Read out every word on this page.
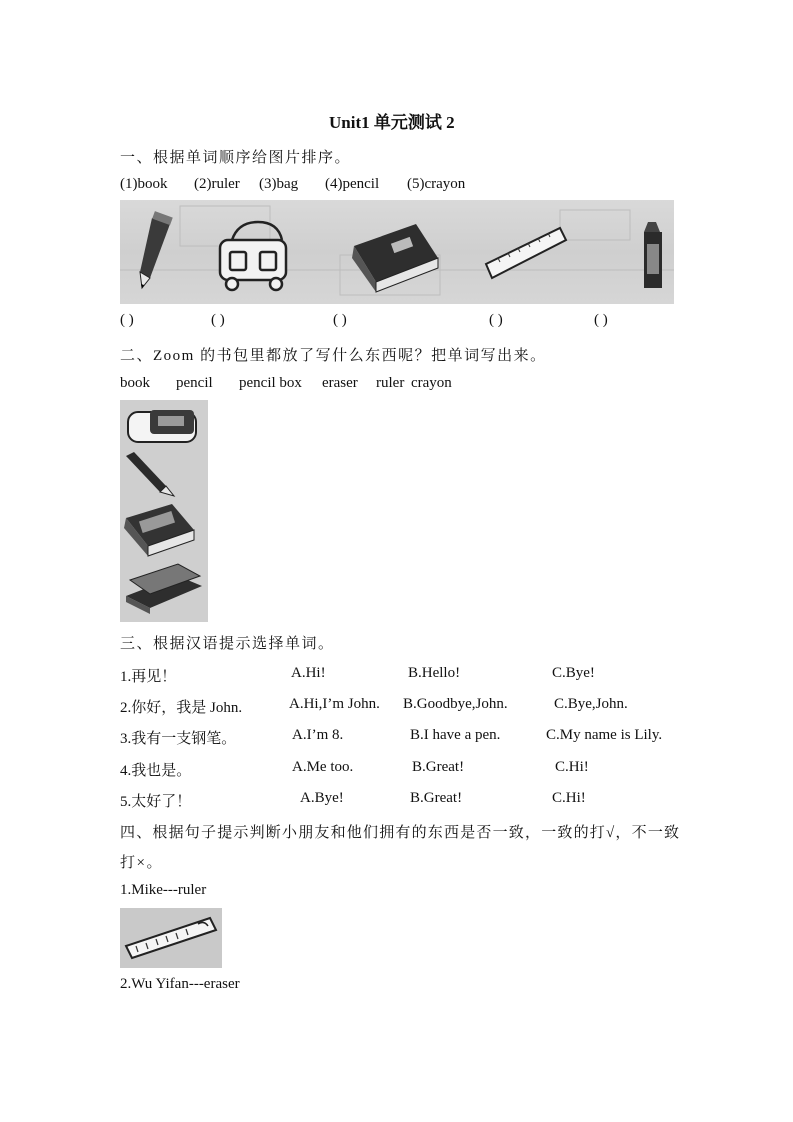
Unit1 单元测试 2
一、根据单词顺序给图片排序。
(1)book (2)ruler (3)bag (4)pencil (5)crayon
( )	( )	( )	( )	( )
二、Zoom 的书包里都放了写什么东西呢？把单词写出来。
book pencil pencil box eraser ruler crayon
三、根据汉语提示选择单词。
1.再见！	A.Hi!	B.Hello!	C.Bye!
2.你好，我是 John.	A.Hi,I’m John. B.Goodbye,John.	C.Bye,John.
3.我有一支钢笔。	A.I’m 8.	B.I have a pen.	C.My name is Lily.
4.我也是。	A.Me too.	B.Great!	C.Hi!
5.太好了！	A.Bye!	B.Great!	C.Hi!
四、根据句子提示判断小朋友和他们拥有的东西是否一致，一致的打√，不一致
打×。
1.Mike---ruler
2.Wu Yifan---eraser
